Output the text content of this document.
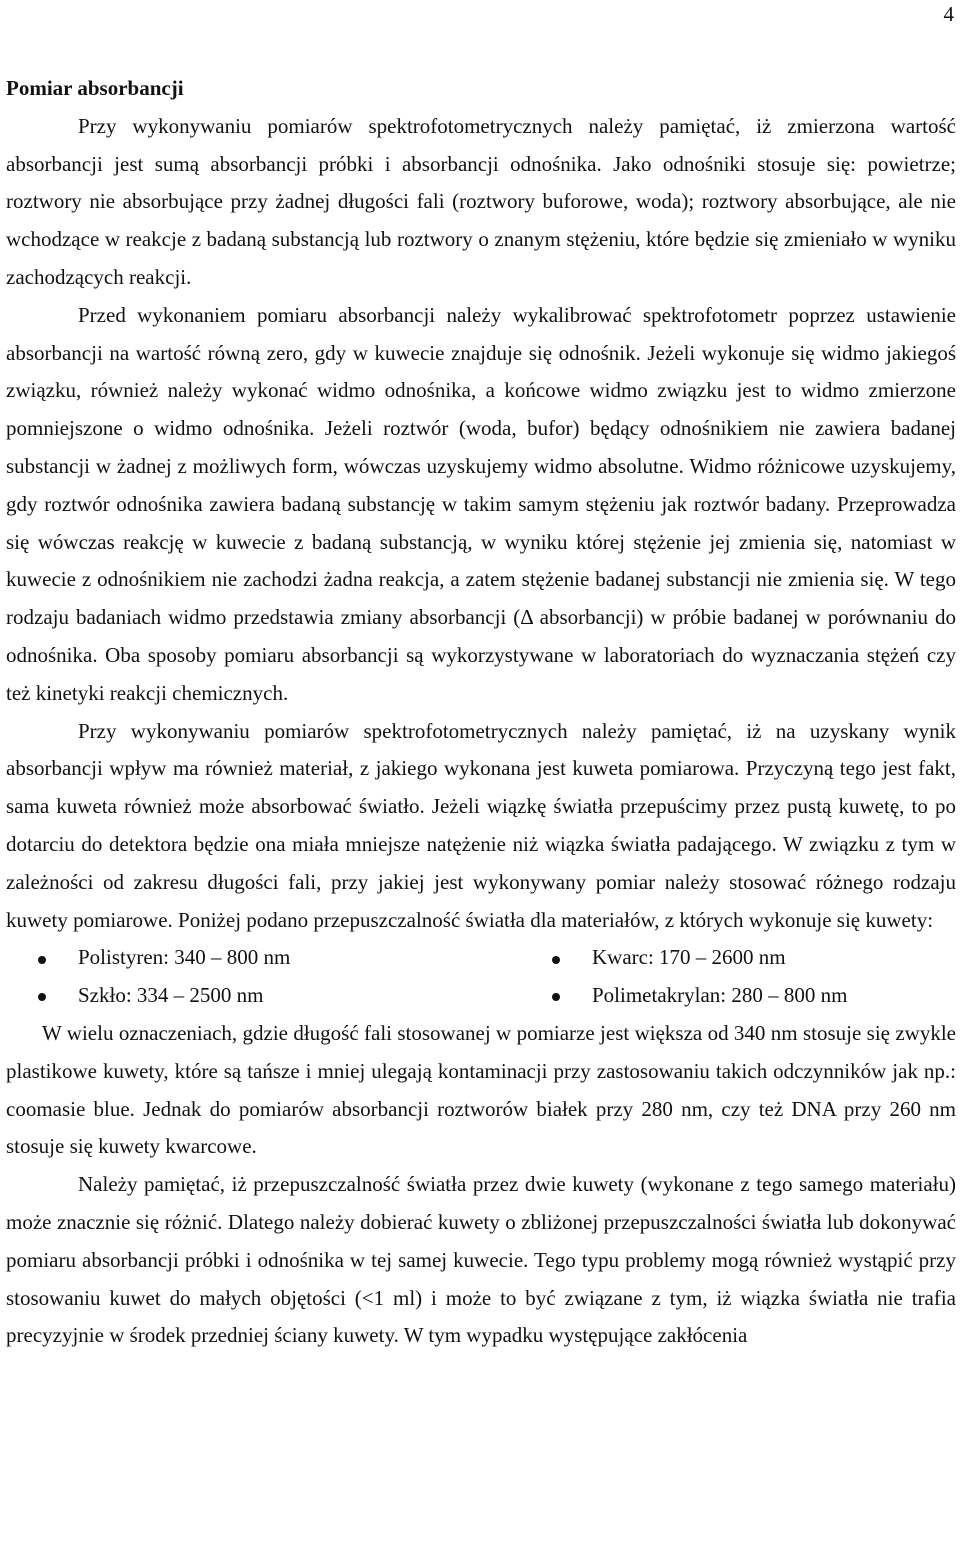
4
Pomiar absorbancji

Przy wykonywaniu pomiarów spektrofotometrycznych należy pamiętać, iż zmierzona wartość absorbancji jest sumą absorbancji próbki i absorbancji odnośnika. Jako odnośniki stosuje się: powietrze; roztwory nie absorbujące przy żadnej długości fali (roztwory buforowe, woda); roztwory absorbujące, ale nie wchodzące w reakcje z badaną substancją lub roztwory o znanym stężeniu, które będzie się zmieniało w wyniku zachodzących reakcji.

Przed wykonaniem pomiaru absorbancji należy wykalibrować spektrofotometr poprzez ustawienie absorbancji na wartość równą zero, gdy w kuwecie znajduje się odnośnik. Jeżeli wykonuje się widmo jakiegoś związku, również należy wykonać widmo odnośnika, a końcowe widmo związku jest to widmo zmierzone pomniejszone o widmo odnośnika. Jeżeli roztwór (woda, bufor) będący odnośnikiem nie zawiera badanej substancji w żadnej z możliwych form, wówczas uzyskujemy widmo absolutne. Widmo różnicowe uzyskujemy, gdy roztwór odnośnika zawiera badaną substancję w takim samym stężeniu jak roztwór badany. Przeprowadza się wówczas reakcję w kuwecie z badaną substancją, w wyniku której stężenie jej zmienia się, natomiast w kuwecie z odnośnikiem nie zachodzi żadna reakcja, a zatem stężenie badanej substancji nie zmienia się. W tego rodzaju badaniach widmo przedstawia zmiany absorbancji (Δ absorbancji) w próbie badanej w porównaniu do odnośnika. Oba sposoby pomiaru absorbancji są wykorzystywane w laboratoriach do wyznaczania stężeń czy też kinetyki reakcji chemicznych.

Przy wykonywaniu pomiarów spektrofotometrycznych należy pamiętać, iż na uzyskany wynik absorbancji wpływ ma również materiał, z jakiego wykonana jest kuweta pomiarowa. Przyczyną tego jest fakt, sama kuweta również może absorbować światło. Jeżeli wiązkę światła przepuścimy przez pustą kuwetę, to po dotarciu do detektora będzie ona miała mniejsze natężenie niż wiązka światła padającego. W związku z tym w zależności od zakresu długości fali, przy jakiej jest wykonywany pomiar należy stosować różnego rodzaju kuwety pomiarowe. Poniżej podano przepuszczalność światła dla materiałów, z których wykonuje się kuwety:

Polistyren: 340 – 800 nm	Kwarc: 170 – 2600 nm
Szkło: 334 – 2500 nm	Polimetakrylan: 280 – 800 nm

W wielu oznaczeniach, gdzie długość fali stosowanej w pomiarze jest większa od 340 nm stosuje się zwykle plastikowe kuwety, które są tańsze i mniej ulegają kontaminacji przy zastosowaniu takich odczynników jak np.: coomasie blue. Jednak do pomiarów absorbancji roztworów białek przy 280 nm, czy też DNA przy 260 nm stosuje się kuwety kwarcowe.

Należy pamiętać, iż przepuszczalność światła przez dwie kuwety (wykonane z tego samego materiału) może znacznie się różnić. Dlatego należy dobierać kuwety o zbliżonej przepuszczalności światła lub dokonywać pomiaru absorbancji próbki i odnośnika w tej samej kuwecie. Tego typu problemy mogą również wystąpić przy stosowaniu kuwet do małych objętości (<1 ml) i może to być związane z tym, iż wiązka światła nie trafia precyzyjnie w środek przedniej ściany kuwety. W tym wypadku występujące zakłócenia
